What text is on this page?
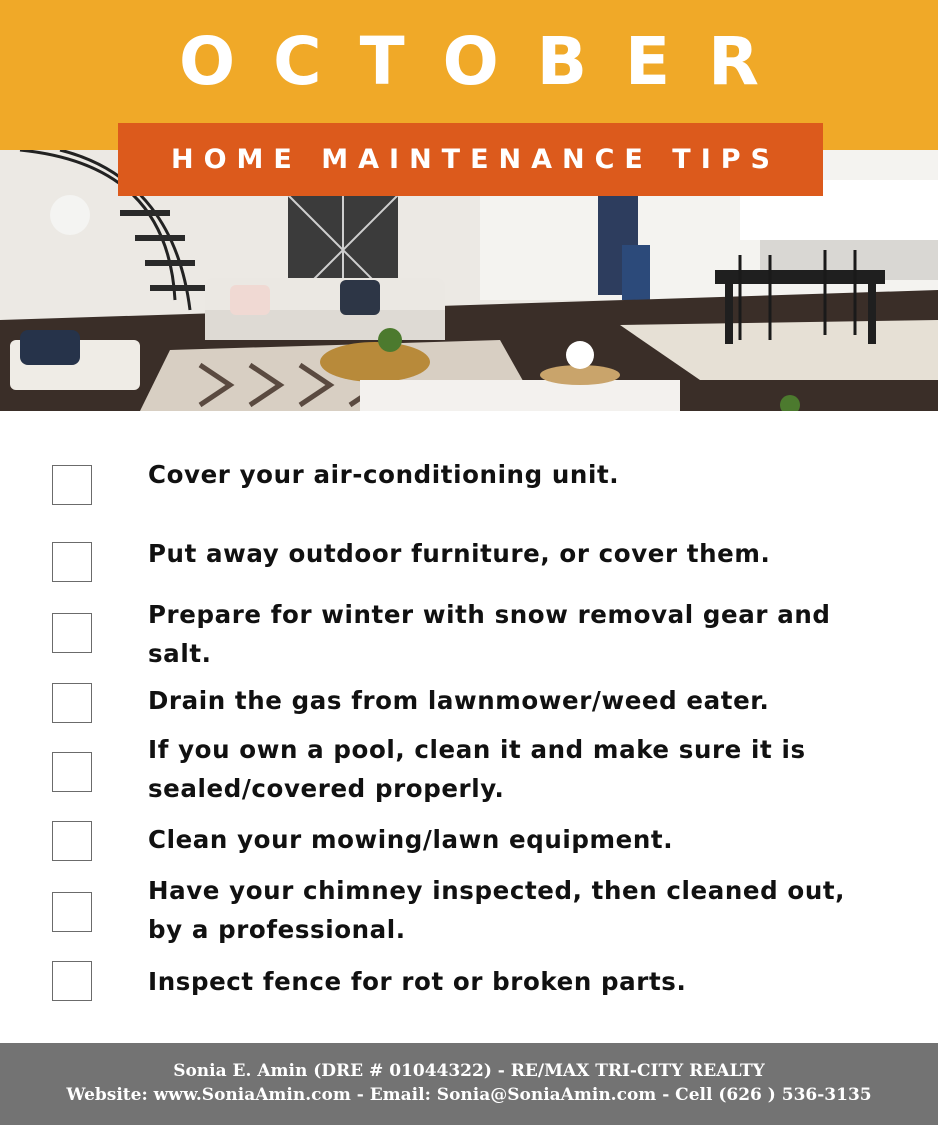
OCTOBER
HOME MAINTENANCE TIPS
Cover your air-conditioning unit.
Put away outdoor furniture, or cover them.
Prepare for winter with snow removal gear and salt.
Drain the gas from lawnmower/weed eater.
If you own a pool, clean it and make sure it is sealed/covered properly.
Clean your mowing/lawn equipment.
Have your chimney inspected, then cleaned out, by a professional.
Inspect fence for rot or broken parts.
Sonia E. Amin (DRE # 01044322) - RE/MAX TRI-CITY REALTY
Website: www.SoniaAmin.com - Email: Sonia@SoniaAmin.com - Cell (626 ) 536-3135
